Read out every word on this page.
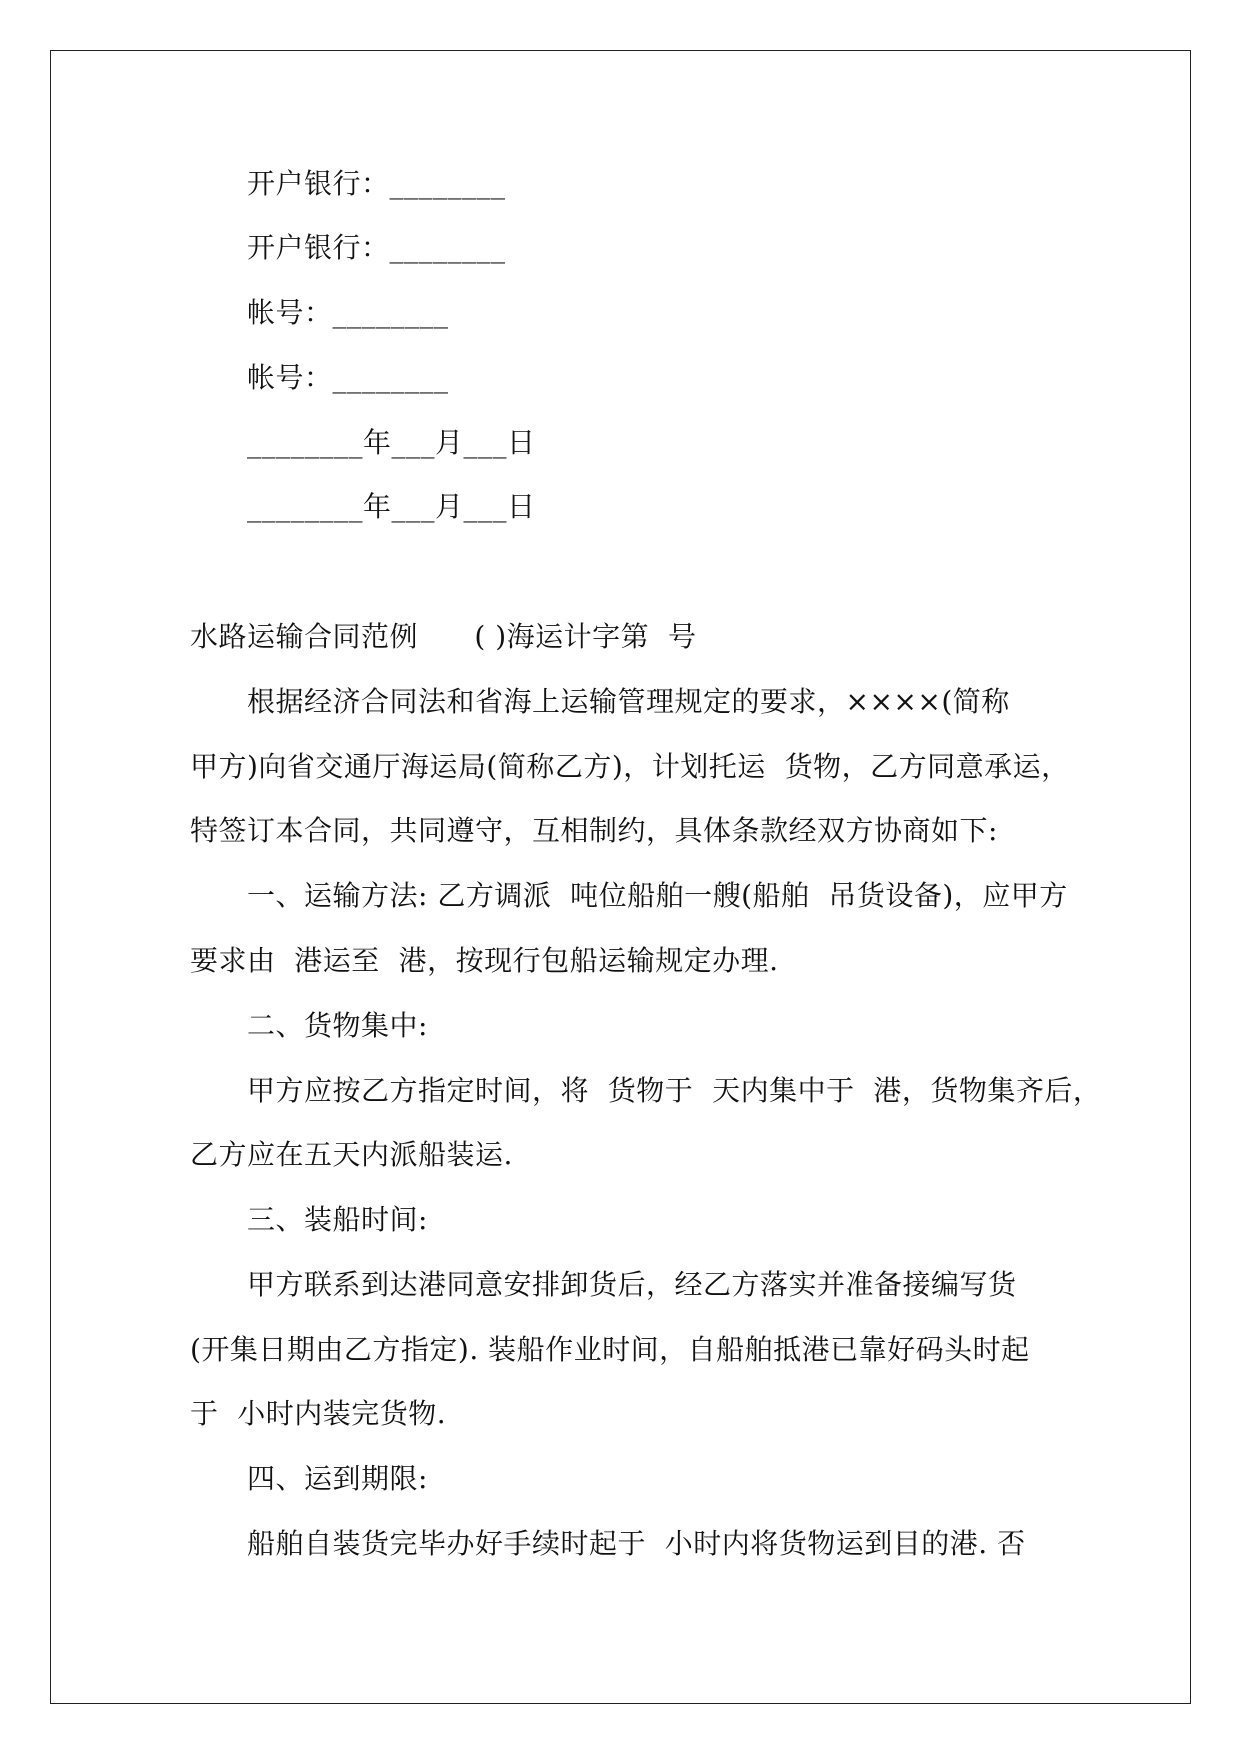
开户银行：________
开户银行：________
帐号：________
帐号：________
________年___月___日
________年___月___日
水路运输合同范例      ( )海运计字第  号
根据经济合同法和省海上运输管理规定的要求，××××(简称
甲方)向省交通厅海运局(简称乙方)，计划托运  货物，乙方同意承运，
特签订本合同，共同遵守，互相制约，具体条款经双方协商如下:
一、运输方法: 乙方调派  吨位船舶一艘(船舶  吊货设备)，应甲方
要求由  港运至  港，按现行包船运输规定办理.
二、货物集中:
甲方应按乙方指定时间，将  货物于  天内集中于  港，货物集齐后，
乙方应在五天内派船装运.
三、装船时间:
甲方联系到达港同意安排卸货后，经乙方落实并准备接编写货
(开集日期由乙方指定). 装船作业时间，自船舶抵港已靠好码头时起
于  小时内装完货物.
四、运到期限:
船舶自装货完毕办好手续时起于  小时内将货物运到目的港. 否
